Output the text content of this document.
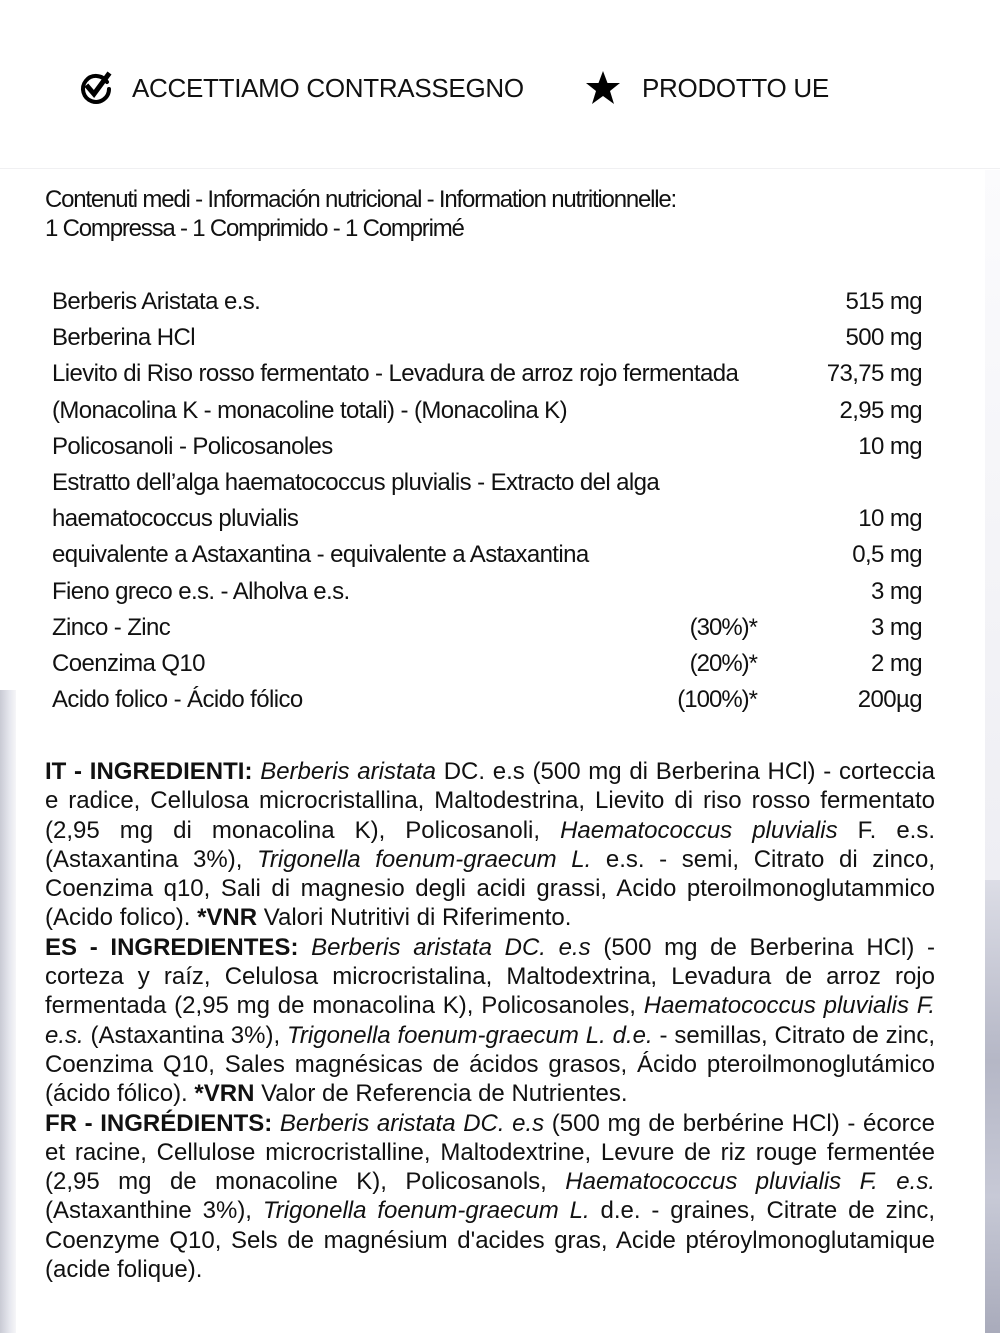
ACCETTIAMO CONTRASSEGNO	PRODOTTO UE
Contenuti medi - Información nutricional - Information nutritionnelle:
1 Compressa - 1 Comprimido - 1 Comprimé
Berberis Aristata e.s.	515 mg
Berberina HCl	500 mg
Lievito di Riso rosso fermentato - Levadura de arroz rojo fermentada	73,75 mg
(Monacolina K - monacoline totali) - (Monacolina K)	2,95 mg
Policosanoli - Policosanoles	10 mg
Estratto dell’alga haematococcus pluvialis - Extracto del alga
haematococcus pluvialis	10 mg
equivalente a Astaxantina - equivalente a Astaxantina	0,5 mg
Fieno greco e.s. - Alholva e.s.	3 mg
Zinco - Zinc	(30%)*	3 mg
Coenzima Q10	(20%)*	2 mg
Acido folico - Ácido fólico	(100%)*	200µg

IT - INGREDIENTI: Berberis aristata DC. e.s (500 mg di Berberina HCl) - corteccia e radice, Cellulosa microcristallina, Maltodestrina, Lievito di riso rosso fermentato (2,95 mg di monacolina K), Policosanoli, Haematococcus pluvialis F. e.s. (Astaxantina 3%), Trigonella foenum-graecum L. e.s. - semi, Citrato di zinco, Coenzima q10, Sali di magnesio degli acidi grassi, Acido pteroilmonoglutammico (Acido folico). *VNR Valori Nutritivi di Riferimento.

ES - INGREDIENTES: Berberis aristata DC. e.s (500 mg de Berberina HCl) - corteza y raíz, Celulosa microcristalina, Maltodextrina, Levadura de arroz rojo fermentada (2,95 mg de monacolina K), Policosanoles, Haematococcus pluvialis F. e.s. (Astaxantina 3%), Trigonella foenum-graecum L. d.e. - semillas, Citrato de zinc, Coenzima Q10, Sales magnésicas de ácidos grasos, Ácido pteroilmonoglutámico (ácido fólico). *VRN Valor de Referencia de Nutrientes.

FR - INGRÉDIENTS: Berberis aristata DC. e.s (500 mg de berbérine HCl) - écorce et racine, Cellulose microcristalline, Maltodextrine, Levure de riz rouge fermentée (2,95 mg de monacoline K), Policosanols, Haematococcus pluvialis F. e.s. (Astaxanthine 3%), Trigonella foenum-graecum L. d.e. - graines, Citrate de zinc, Coenzyme Q10, Sels de magnésium d'acides gras, Acide ptéroylmonoglutamique (acide folique).
